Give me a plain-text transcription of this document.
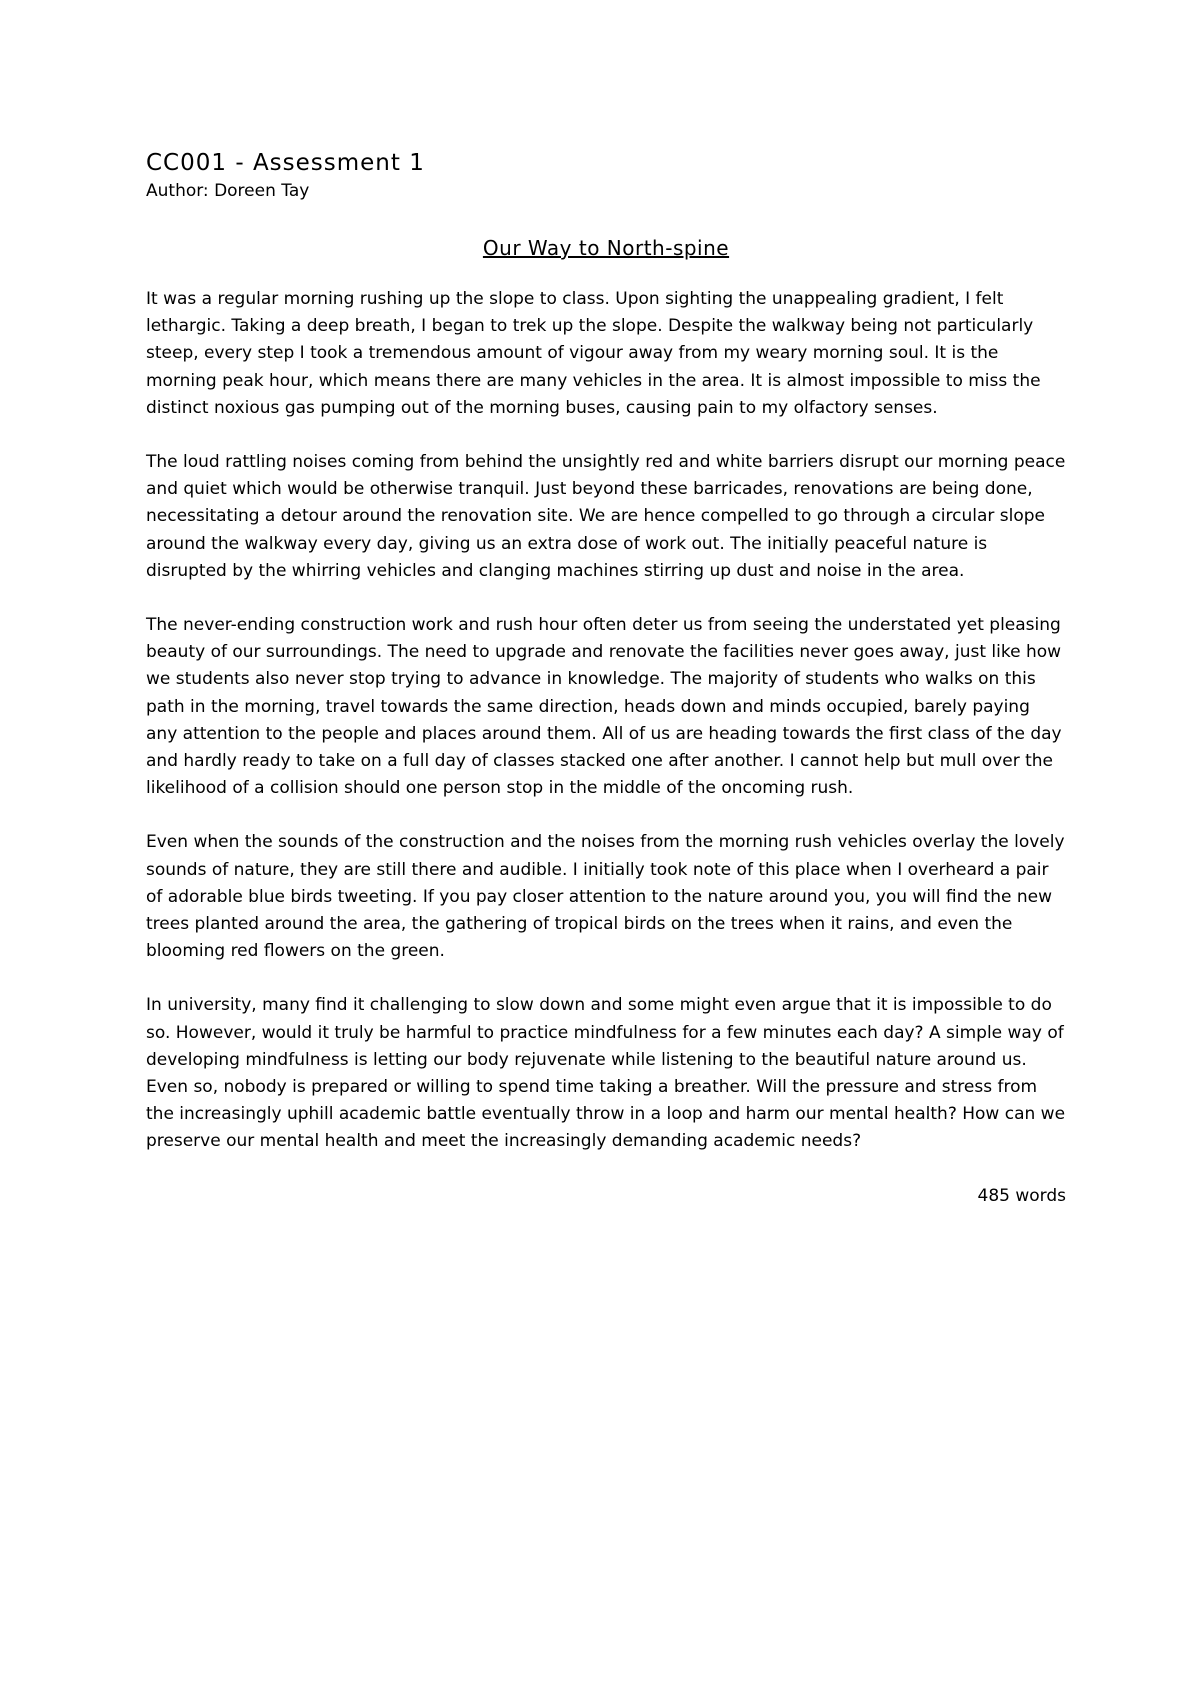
CC001 - Assessment 1

Author: Doreen Tay

Our Way to North-spine

It was a regular morning rushing up the slope to class. Upon sighting the unappealing gradient, I felt lethargic. Taking a deep breath, I began to trek up the slope. Despite the walkway being not particularly steep, every step I took a tremendous amount of vigour away from my weary morning soul. It is the morning peak hour, which means there are many vehicles in the area. It is almost impossible to miss the distinct noxious gas pumping out of the morning buses, causing pain to my olfactory senses.

The loud rattling noises coming from behind the unsightly red and white barriers disrupt our morning peace and quiet which would be otherwise tranquil. Just beyond these barricades, renovations are being done, necessitating a detour around the renovation site. We are hence compelled to go through a circular slope around the walkway every day, giving us an extra dose of work out. The initially peaceful nature is disrupted by the whirring vehicles and clanging machines stirring up dust and noise in the area.

The never-ending construction work and rush hour often deter us from seeing the understated yet pleasing beauty of our surroundings. The need to upgrade and renovate the facilities never goes away, just like how we students also never stop trying to advance in knowledge. The majority of students who walks on this path in the morning, travel towards the same direction, heads down and minds occupied, barely paying any attention to the people and places around them. All of us are heading towards the first class of the day and hardly ready to take on a full day of classes stacked one after another. I cannot help but mull over the likelihood of a collision should one person stop in the middle of the oncoming rush.

Even when the sounds of the construction and the noises from the morning rush vehicles overlay the lovely sounds of nature, they are still there and audible. I initially took note of this place when I overheard a pair of adorable blue birds tweeting. If you pay closer attention to the nature around you, you will find the new trees planted around the area, the gathering of tropical birds on the trees when it rains, and even the blooming red flowers on the green.

In university, many find it challenging to slow down and some might even argue that it is impossible to do so. However, would it truly be harmful to practice mindfulness for a few minutes each day? A simple way of developing mindfulness is letting our body rejuvenate while listening to the beautiful nature around us. Even so, nobody is prepared or willing to spend time taking a breather. Will the pressure and stress from the increasingly uphill academic battle eventually throw in a loop and harm our mental health? How can we preserve our mental health and meet the increasingly demanding academic needs?

485 words
